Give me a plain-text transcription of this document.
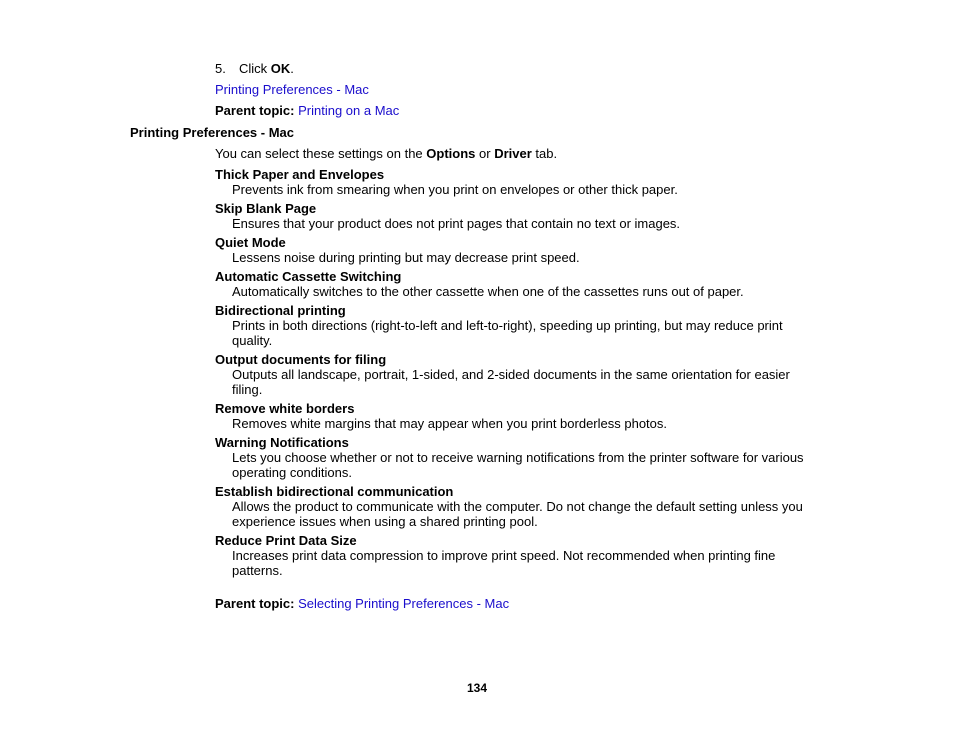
5. Click OK.
Printing Preferences - Mac
Parent topic: Printing on a Mac
Printing Preferences - Mac
You can select these settings on the Options or Driver tab.
Thick Paper and Envelopes
Prevents ink from smearing when you print on envelopes or other thick paper.
Skip Blank Page
Ensures that your product does not print pages that contain no text or images.
Quiet Mode
Lessens noise during printing but may decrease print speed.
Automatic Cassette Switching
Automatically switches to the other cassette when one of the cassettes runs out of paper.
Bidirectional printing
Prints in both directions (right-to-left and left-to-right), speeding up printing, but may reduce print quality.
Output documents for filing
Outputs all landscape, portrait, 1-sided, and 2-sided documents in the same orientation for easier filing.
Remove white borders
Removes white margins that may appear when you print borderless photos.
Warning Notifications
Lets you choose whether or not to receive warning notifications from the printer software for various operating conditions.
Establish bidirectional communication
Allows the product to communicate with the computer. Do not change the default setting unless you experience issues when using a shared printing pool.
Reduce Print Data Size
Increases print data compression to improve print speed. Not recommended when printing fine patterns.
Parent topic: Selecting Printing Preferences - Mac
134
